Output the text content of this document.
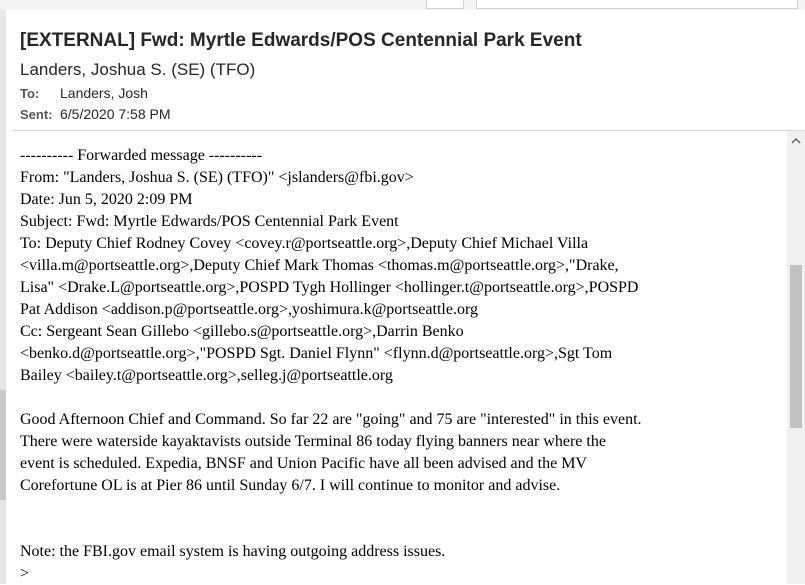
[EXTERNAL] Fwd: Myrtle Edwards/POS Centennial Park Event
Landers, Joshua S. (SE) (TFO)
To: Landers, Josh
Sent: 6/5/2020 7:58 PM

---------- Forwarded message ----------

From: "Landers, Joshua S. (SE) (TFO)" <jslanders@fbi.gov>

Date: Jun 5, 2020 2:09 PM

Subject: Fwd: Myrtle Edwards/POS Centennial Park Event

To: Deputy Chief Rodney Covey <covey.r@portseattle.org>,Deputy Chief Michael Villa

<villa.m@portseattle.org>,Deputy Chief Mark Thomas <thomas.m@portseattle.org>,"Drake,

Lisa" <Drake.L@portseattle.org>,POSPD Tygh Hollinger <hollinger.t@portseattle.org>,POSPD

Pat Addison <addison.p@portseattle.org>,yoshimura.k@portseattle.org

Cc: Sergeant Sean Gillebo <gillebo.s@portseattle.org>,Darrin Benko

<benko.d@portseattle.org>,"POSPD Sgt. Daniel Flynn" <flynn.d@portseattle.org>,Sgt Tom

Bailey <bailey.t@portseattle.org>,selleg.j@portseattle.org

Good Afternoon Chief and Command. So far 22 are "going" and 75 are "interested" in this event.

There were waterside kayaktavists outside Terminal 86 today flying banners near where the

event is scheduled. Expedia, BNSF and Union Pacific have all been advised and the MV

Corefortune OL is at Pier 86 until Sunday 6/7. I will continue to monitor and advise.

Note: the FBI.gov email system is having outgoing address issues.

>
